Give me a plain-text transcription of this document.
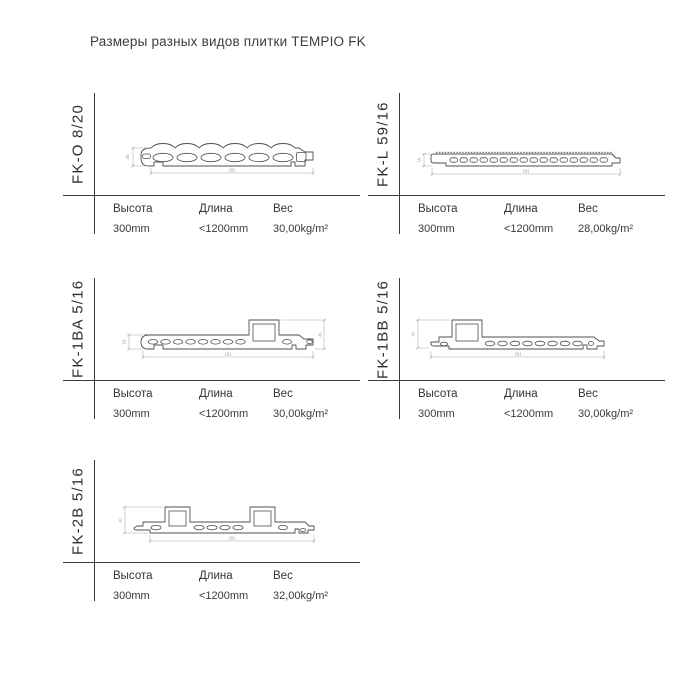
Размеры разных видов плитки TEMPIO FK
FK-O 8/20	20
292
Высота	Длина	Вес
300mm	<1200mm 30,00kg/m²
FK-L 59/16	16
291
Высота	Длина	Вес
300mm	<1200mm 28,00kg/m²
FK-1BA 5/16	41
16
291
Высота	Длина	Вес
300mm	<1200mm 30,00kg/m²
FK-1BB 5/16	41
291
Высота	Длина	Вес
300mm	<1200mm 30,00kg/m²
FK-2B 5/16	41
291
Высота	Длина	Вес
300mm	<1200mm 32,00kg/m²
